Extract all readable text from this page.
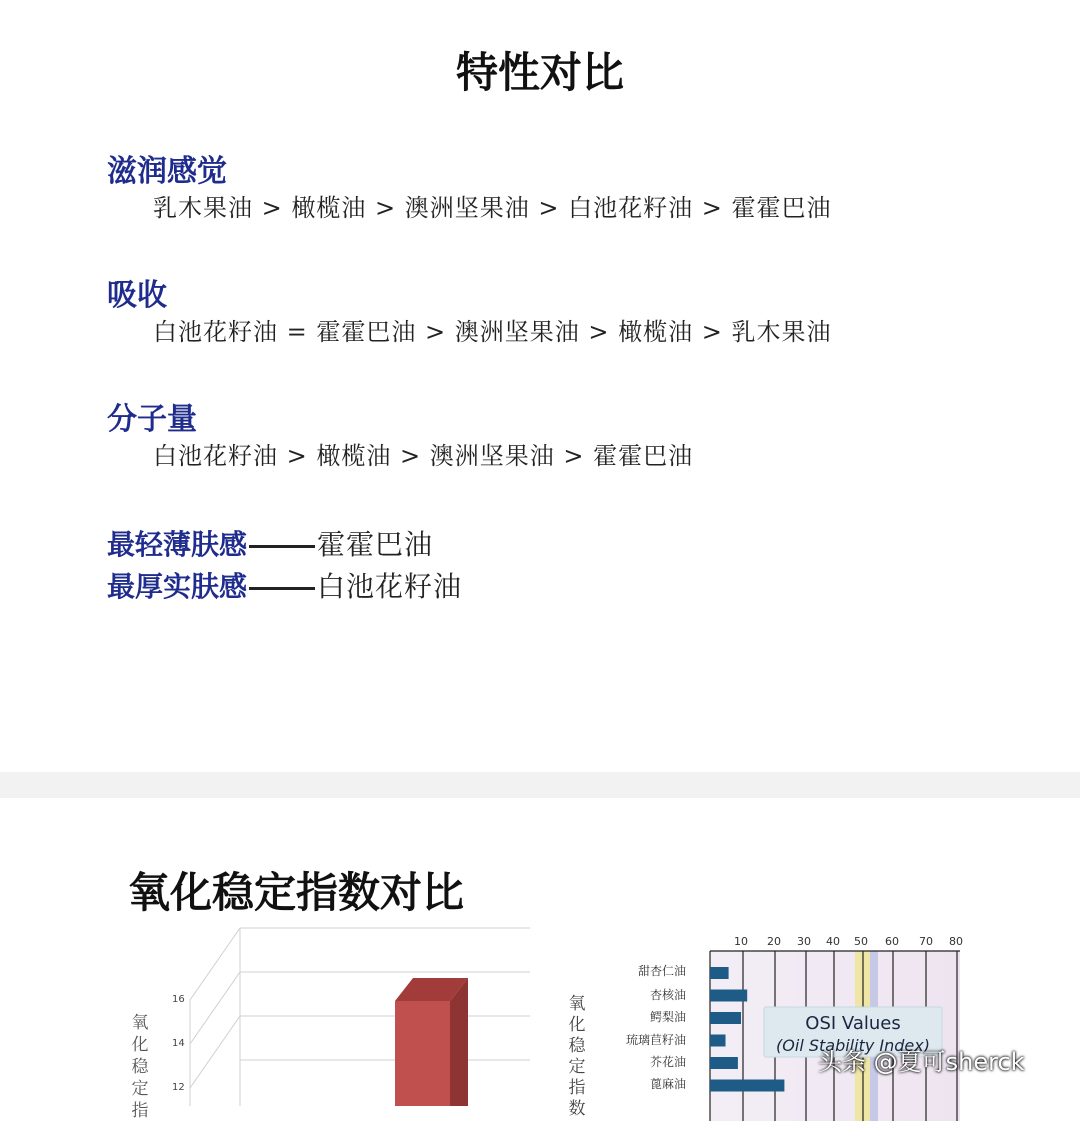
特性对比
滋润感觉
乳木果油 > 橄榄油 > 澳洲坚果油 > 白池花籽油 > 霍霍巴油
吸收
白池花籽油 = 霍霍巴油 > 澳洲坚果油 > 橄榄油 > 乳木果油
分子量
白池花籽油 > 橄榄油 > 澳洲坚果油 > 霍霍巴油
最轻薄肤感	霍霍巴油
最厚实肤感	白池花籽油
氧化稳定指数对比
16
14
12
氧化稳定指
10 20 30 40 50 60 70 80
OSI Values
(Oil Stability Index)
氧化稳定指数
甜杏仁油
杏核油
鳄梨油
琉璃苣籽油
芥花油
蓖麻油
头条 @夏可sherck
